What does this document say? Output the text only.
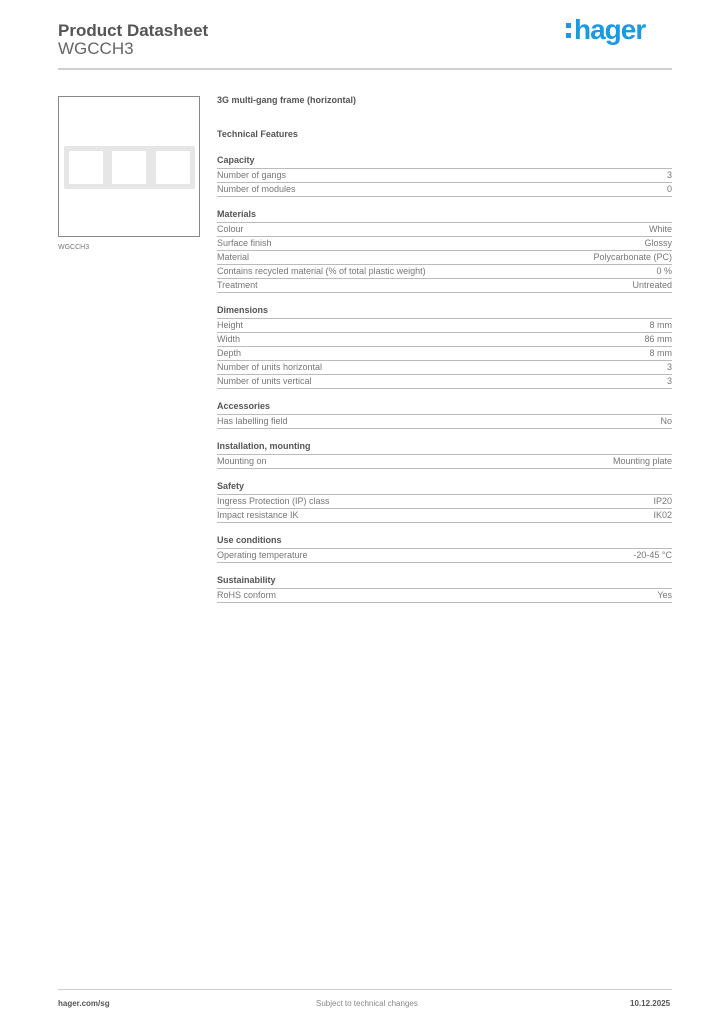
Product Datasheet
WGCCH3
hager
WGCCH3
3G multi-gang frame (horizontal)
Technical Features
Capacity
Number of gangs	3
Number of modules	0
Materials
Colour	White
Surface finish	Glossy
Material	Polycarbonate (PC)
Contains recycled material (% of total plastic weight)	0 %
Treatment	Untreated
Dimensions
Height	8 mm
Width	86 mm
Depth	8 mm
Number of units horizontal	3
Number of units vertical	3
Accessories
Has labelling field	No
Installation, mounting
Mounting on	Mounting plate
Safety
Ingress Protection (IP) class	IP20
Impact resistance IK	IK02
Use conditions
Operating temperature	-20-45 °C
Sustainability
RoHS conform	Yes
hager.com/sg	Subject to technical changes	10.12.2025
